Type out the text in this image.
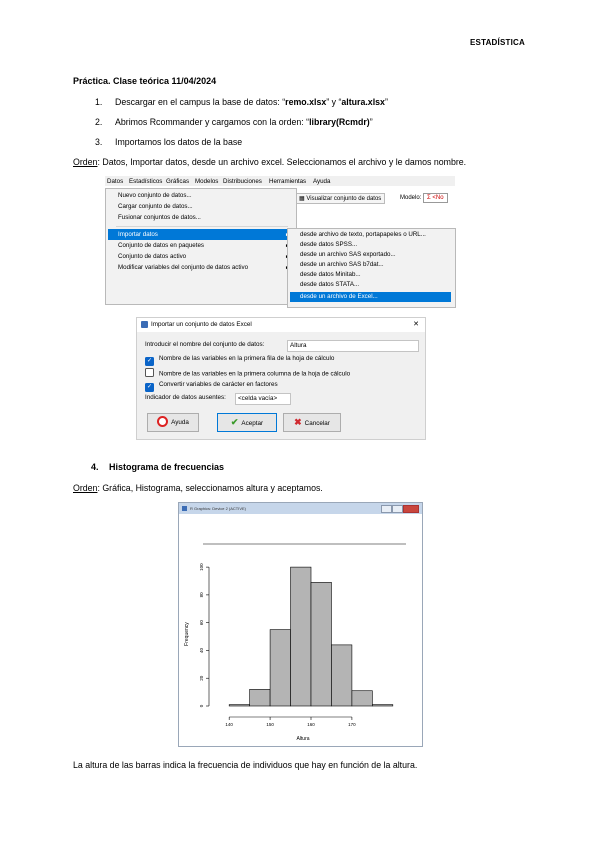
ESTADÍSTICA
Práctica. Clase teórica 11/04/2024
1. Descargar en el campus la base de datos: “remo.xlsx” y “altura.xlsx”
2. Abrimos Rcommander y cargamos con la orden: “library(Rcmdr)”
3. Importamos los datos de la base
Orden: Datos, Importar datos, desde un archivo excel. Seleccionamos el archivo y le damos nombre.
Datos Estadísticos Gráficas Modelos Distribuciones Herramientas Ayuda
▦ Visualizar conjunto de datos	Modelo: Σ <No
Nuevo conjunto de datos...
Cargar conjunto de datos...
Fusionar conjuntos de datos...
Importar datos
Conjunto de datos en paquetes
Conjunto de datos activo
Modificar variables del conjunto de datos activo
desde archivo de texto, portapapeles o URL...
desde datos SPSS...
desde un archivo SAS exportado...
desde un archivo SAS b7dat...
desde datos Minitab...
desde datos STATA...
desde un archivo de Excel...
Importar un conjunto de datos Excel	✕
Introducir el nombre del conjunto de datos:	Altura
✓ Nombre de las variables en la primera fila de la hoja de cálculo
Nombre de las variables en la primera columna de la hoja de cálculo
✓ Convertir variables de carácter en factores
Indicador de datos ausentes:	<celda vacía>
Ayuda	✔ Aceptar	✖ Cancelar
4. Histograma de frecuencias
Orden: Gráfica, Histograma, seleccionamos altura y aceptamos.
R Graphics: Device 2 (ACTIVE)
0
20
40
60
80
100
140	150	160	170
Altura
Frequency
La altura de las barras indica la frecuencia de individuos que hay en función de la altura.
